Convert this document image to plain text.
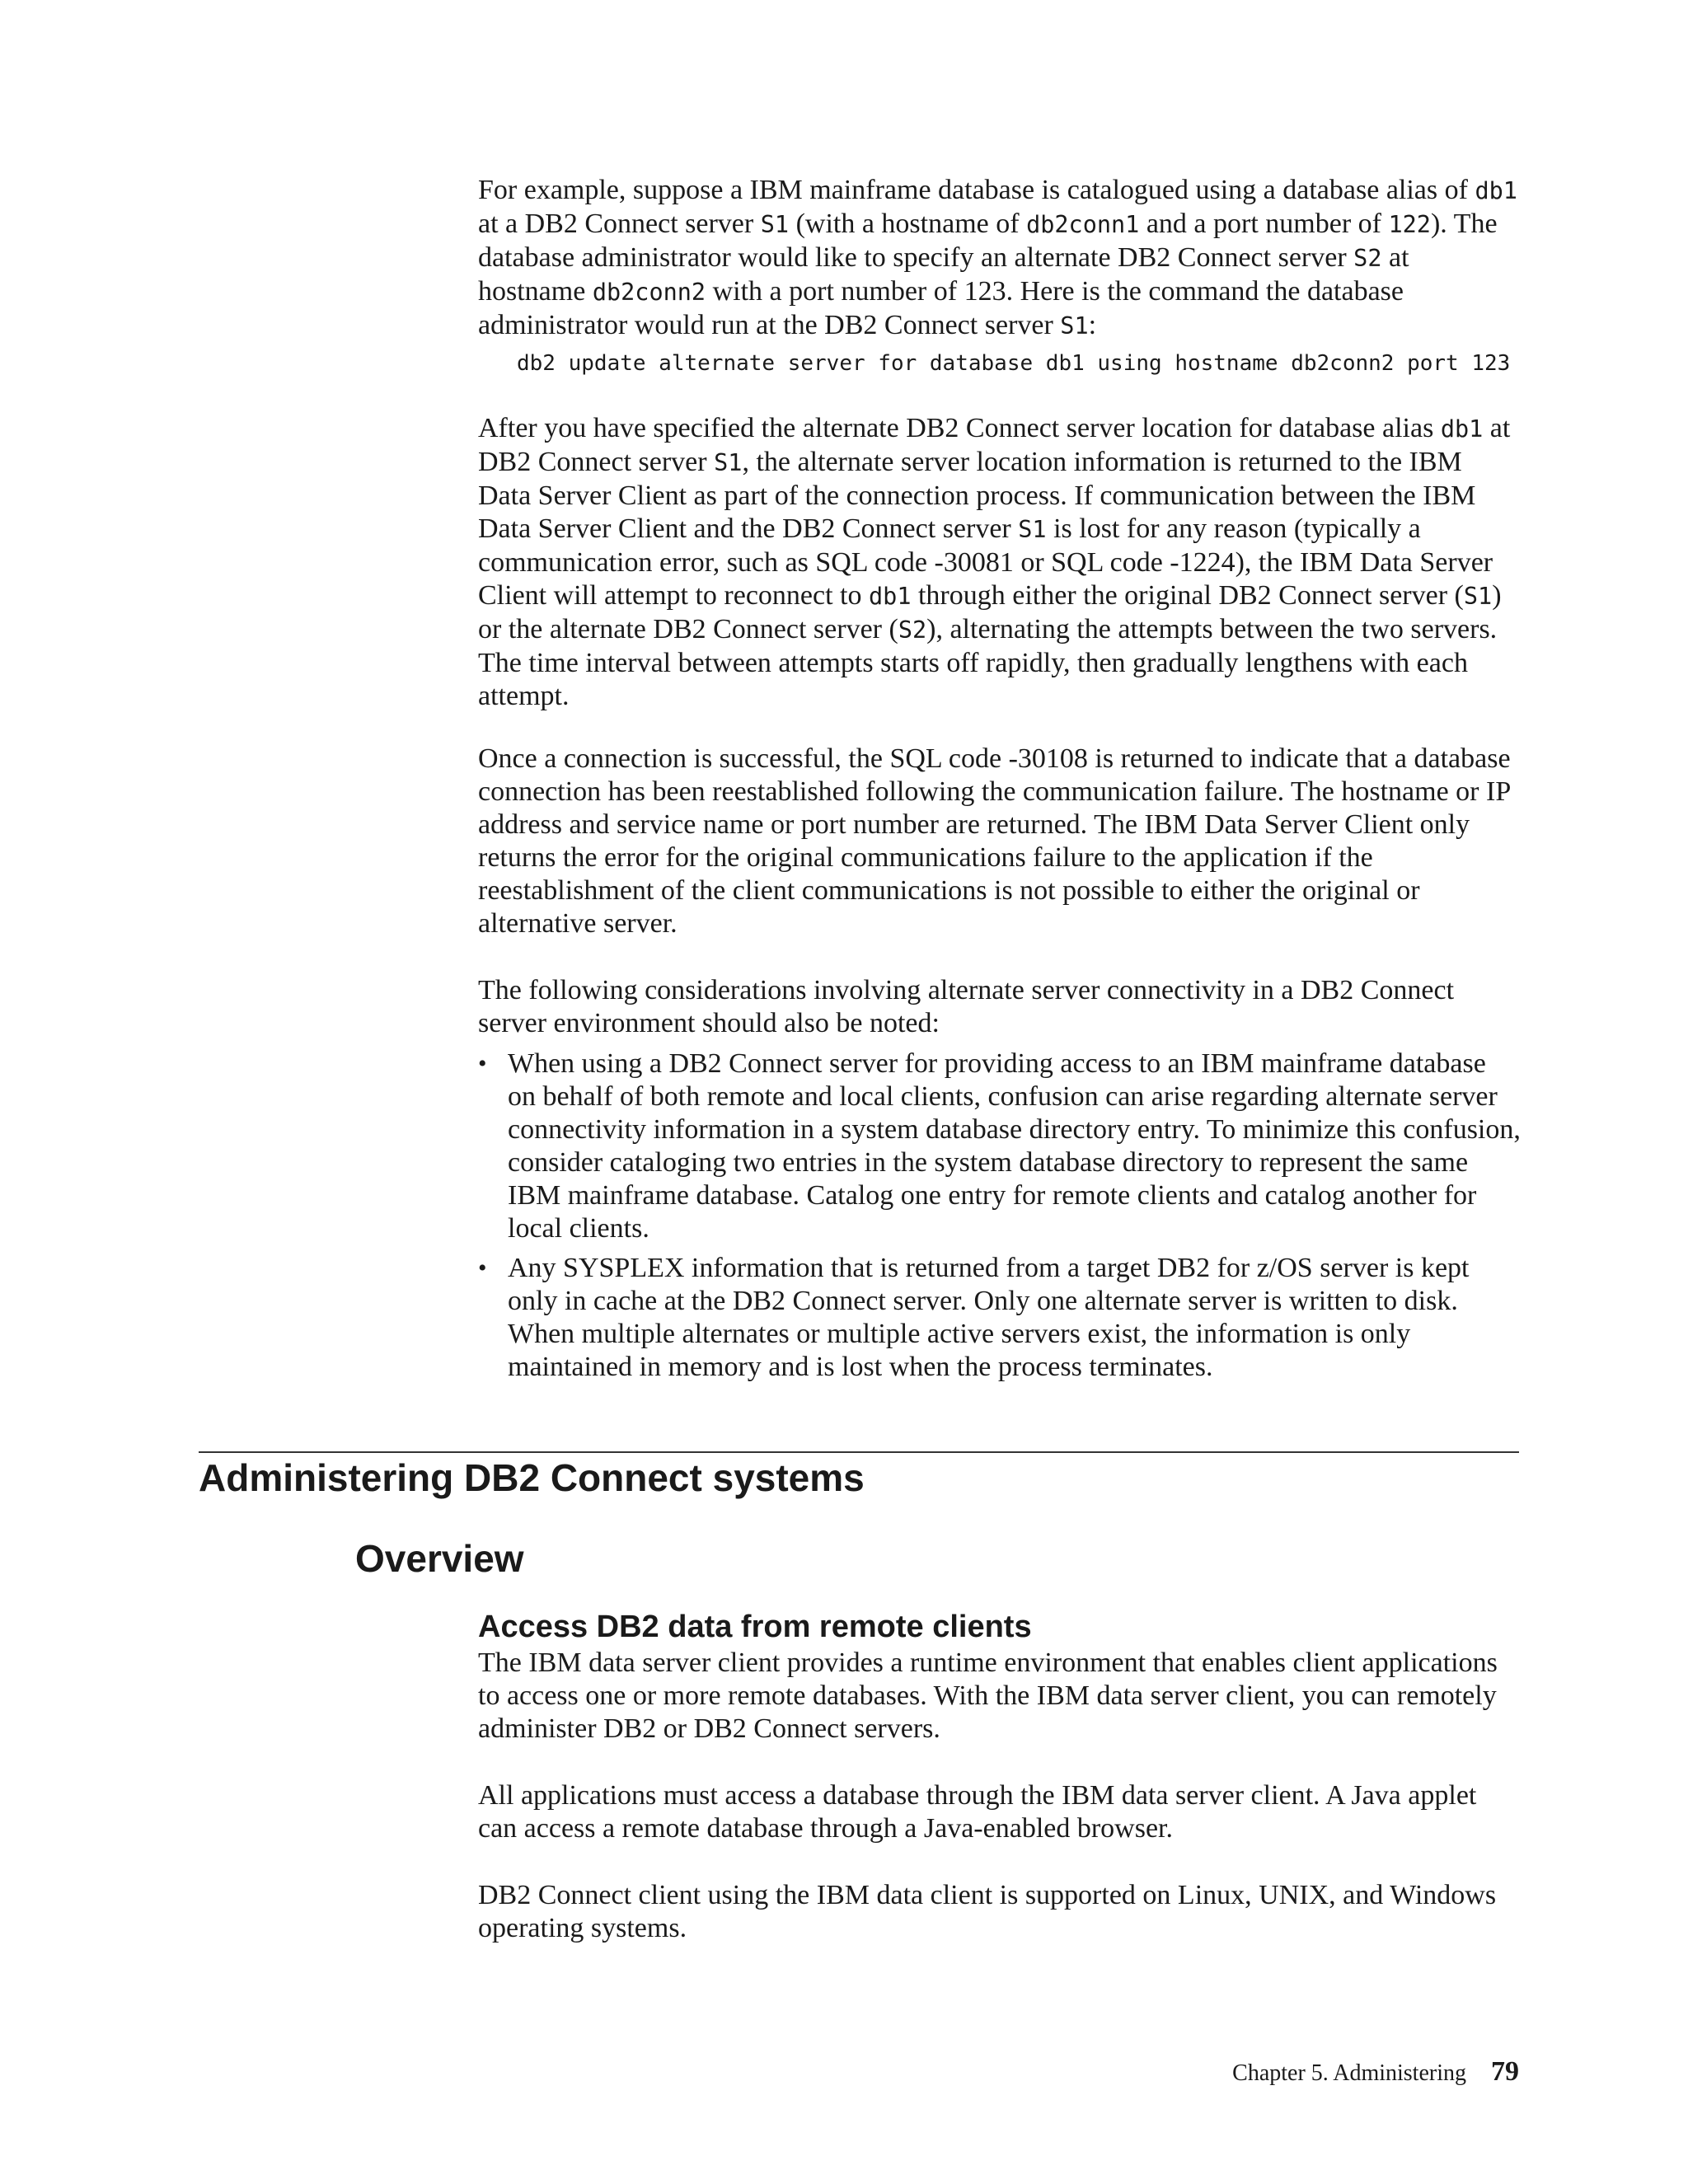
For example, suppose a IBM mainframe database is catalogued using a database alias of db1 at a DB2 Connect server S1 (with a hostname of db2conn1 and a port number of 122). The database administrator would like to specify an alternate DB2 Connect server S2 at hostname db2conn2 with a port number of 123. Here is the command the database administrator would run at the DB2 Connect server S1:

db2 update alternate server for database db1 using hostname db2conn2 port 123

After you have specified the alternate DB2 Connect server location for database alias db1 at DB2 Connect server S1, the alternate server location information is returned to the IBM Data Server Client as part of the connection process. If communication between the IBM Data Server Client and the DB2 Connect server S1 is lost for any reason (typically a communication error, such as SQL code -30081 or SQL code -1224), the IBM Data Server Client will attempt to reconnect to db1 through either the original DB2 Connect server (S1) or the alternate DB2 Connect server (S2), alternating the attempts between the two servers. The time interval between attempts starts off rapidly, then gradually lengthens with each attempt.

Once a connection is successful, the SQL code -30108 is returned to indicate that a database connection has been reestablished following the communication failure. The hostname or IP address and service name or port number are returned. The IBM Data Server Client only returns the error for the original communications failure to the application if the reestablishment of the client communications is not possible to either the original or alternative server.

The following considerations involving alternate server connectivity in a DB2 Connect server environment should also be noted:

• When using a DB2 Connect server for providing access to an IBM mainframe database on behalf of both remote and local clients, confusion can arise regarding alternate server connectivity information in a system database directory entry. To minimize this confusion, consider cataloging two entries in the system database directory to represent the same IBM mainframe database. Catalog one entry for remote clients and catalog another for local clients.
• Any SYSPLEX information that is returned from a target DB2 for z/OS server is kept only in cache at the DB2 Connect server. Only one alternate server is written to disk. When multiple alternates or multiple active servers exist, the information is only maintained in memory and is lost when the process terminates.
Administering DB2 Connect systems
Overview
Access DB2 data from remote clients

The IBM data server client provides a runtime environment that enables client applications to access one or more remote databases. With the IBM data server client, you can remotely administer DB2 or DB2 Connect servers.

All applications must access a database through the IBM data server client. A Java applet can access a remote database through a Java-enabled browser.

DB2 Connect client using the IBM data client is supported on Linux, UNIX, and Windows operating systems.

Chapter 5. Administering 79
